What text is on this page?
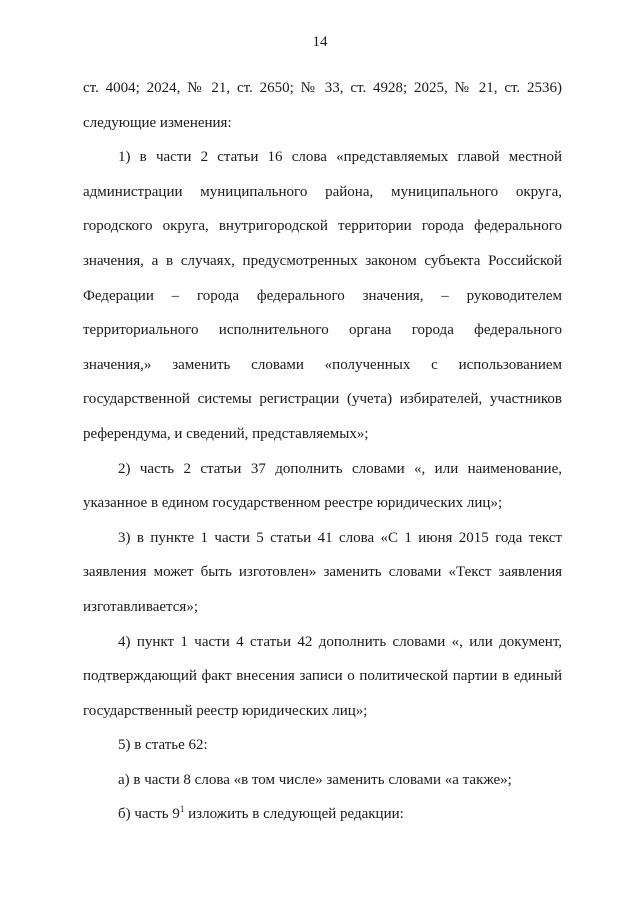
14

ст. 4004; 2024, № 21, ст. 2650; № 33, ст. 4928; 2025, № 21, ст. 2536) следующие изменения:

1) в части 2 статьи 16 слова «представляемых главой местной администрации муниципального района, муниципального округа, городского округа, внутригородской территории города федерального значения, а в случаях, предусмотренных законом субъекта Российской Федерации – города федерального значения, – руководителем территориального исполнительного органа города федерального значения,» заменить словами «полученных с использованием государственной системы регистрации (учета) избирателей, участников референдума, и сведений, представляемых»;

2) часть 2 статьи 37 дополнить словами «, или наименование, указанное в едином государственном реестре юридических лиц»;

3) в пункте 1 части 5 статьи 41 слова «С 1 июня 2015 года текст заявления может быть изготовлен» заменить словами «Текст заявления изготавливается»;

4) пункт 1 части 4 статьи 42 дополнить словами «, или документ, подтверждающий факт внесения записи о политической партии в единый государственный реестр юридических лиц»;

5) в статье 62:

а) в части 8 слова «в том числе» заменить словами «а также»;

б) часть $9^1$ изложить в следующей редакции:
